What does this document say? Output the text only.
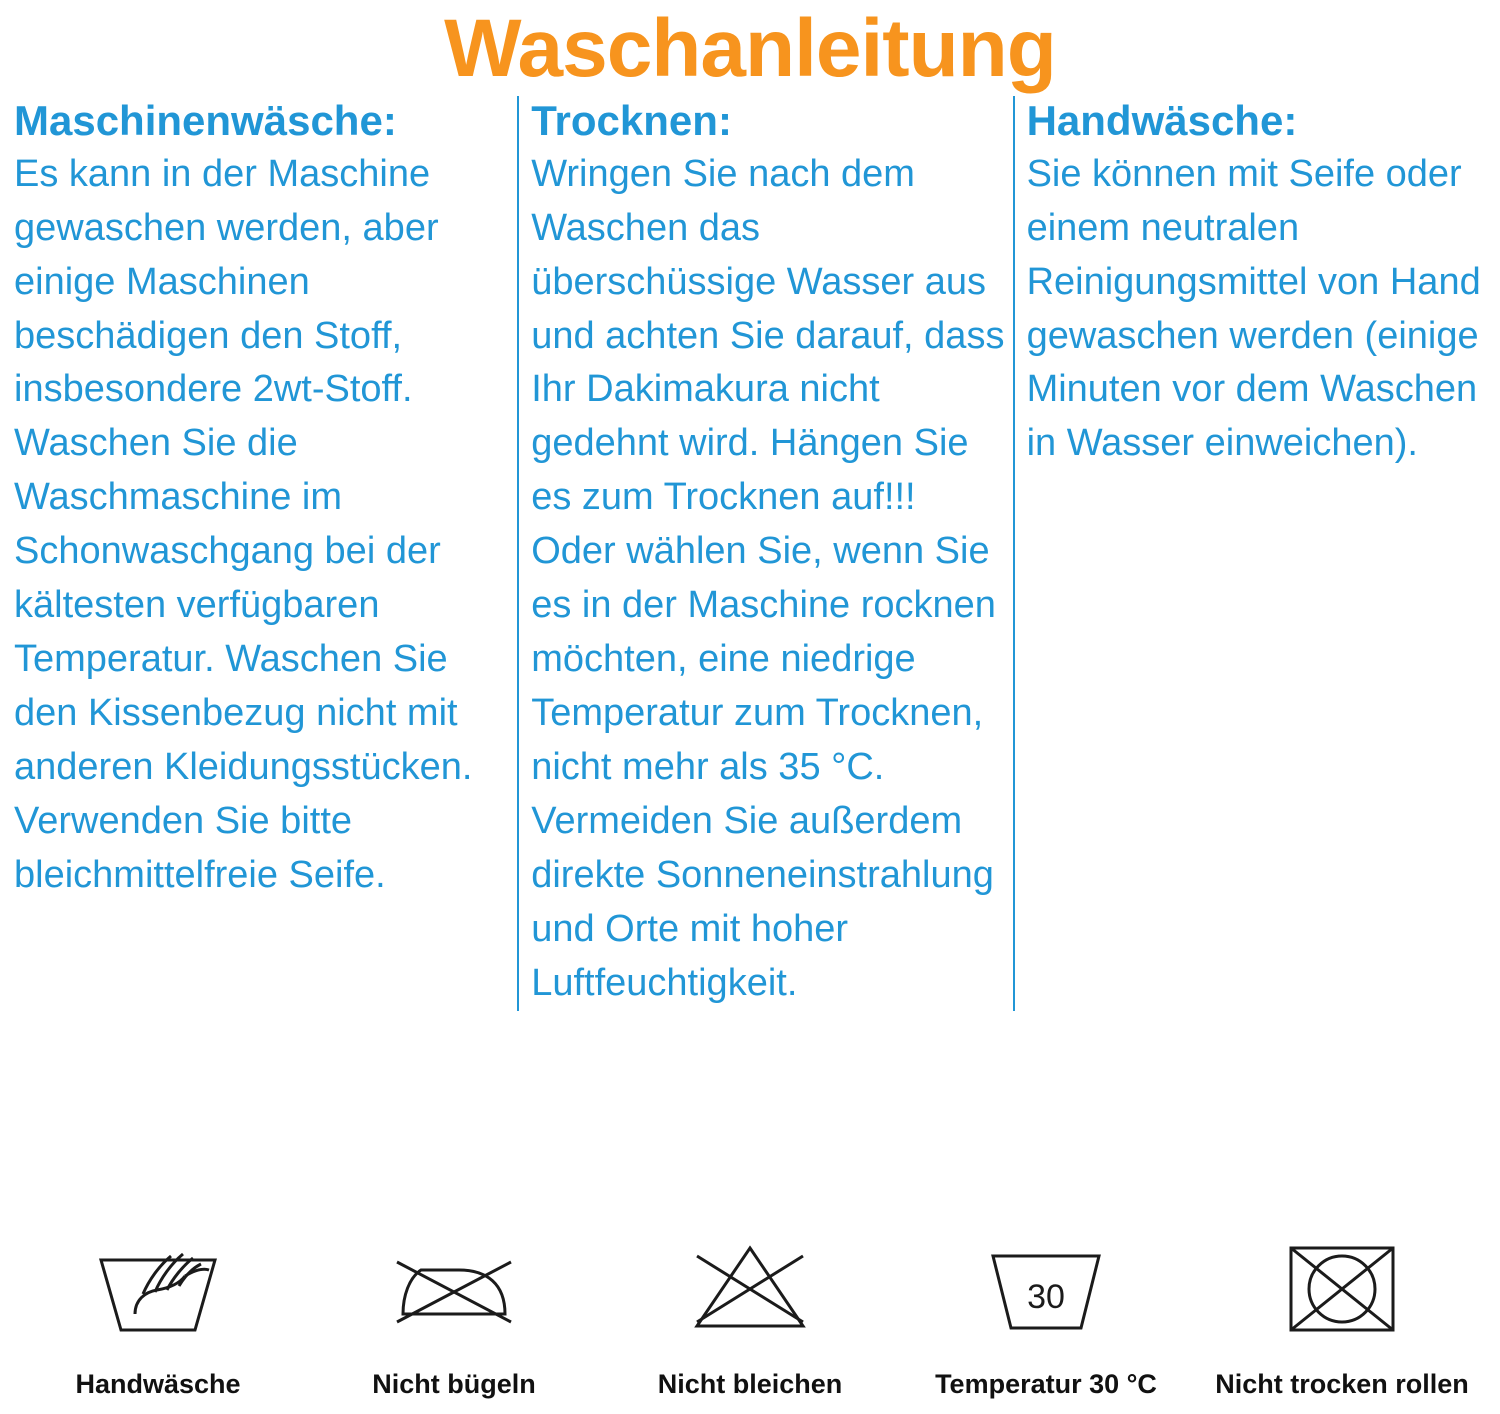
Waschanleitung
Maschinenwäsche:

Es kann in der Maschine gewaschen werden, aber einige Maschinen beschädigen den Stoff, insbesondere 2wt-Stoff. Waschen Sie die Waschmaschine im Schonwaschgang bei der kältesten verfügbaren Temperatur. Waschen Sie den Kissenbezug nicht mit anderen Kleidungsstücken. Verwenden Sie bitte bleichmittelfreie Seife.

Trocknen:

Wringen Sie nach dem Waschen das überschüssige Wasser aus und achten Sie darauf, dass Ihr Dakimakura nicht gedehnt wird. Hängen Sie es zum Trocknen auf!!! Oder wählen Sie, wenn Sie es in der Maschine rocknen möchten, eine niedrige Temperatur zum Trocknen, nicht mehr als 35 °C. Vermeiden Sie außerdem direkte Sonneneinstrahlung und Orte mit hoher Luftfeuchtigkeit.

Handwäsche:

Sie können mit Seife oder einem neutralen Reinigungsmittel von Hand gewaschen werden (einige Minuten vor dem Waschen in Wasser einweichen).

Handwäsche	Nicht bügeln	Nicht bleichen
30
Temperatur 30 °C Nicht trocken rollen
